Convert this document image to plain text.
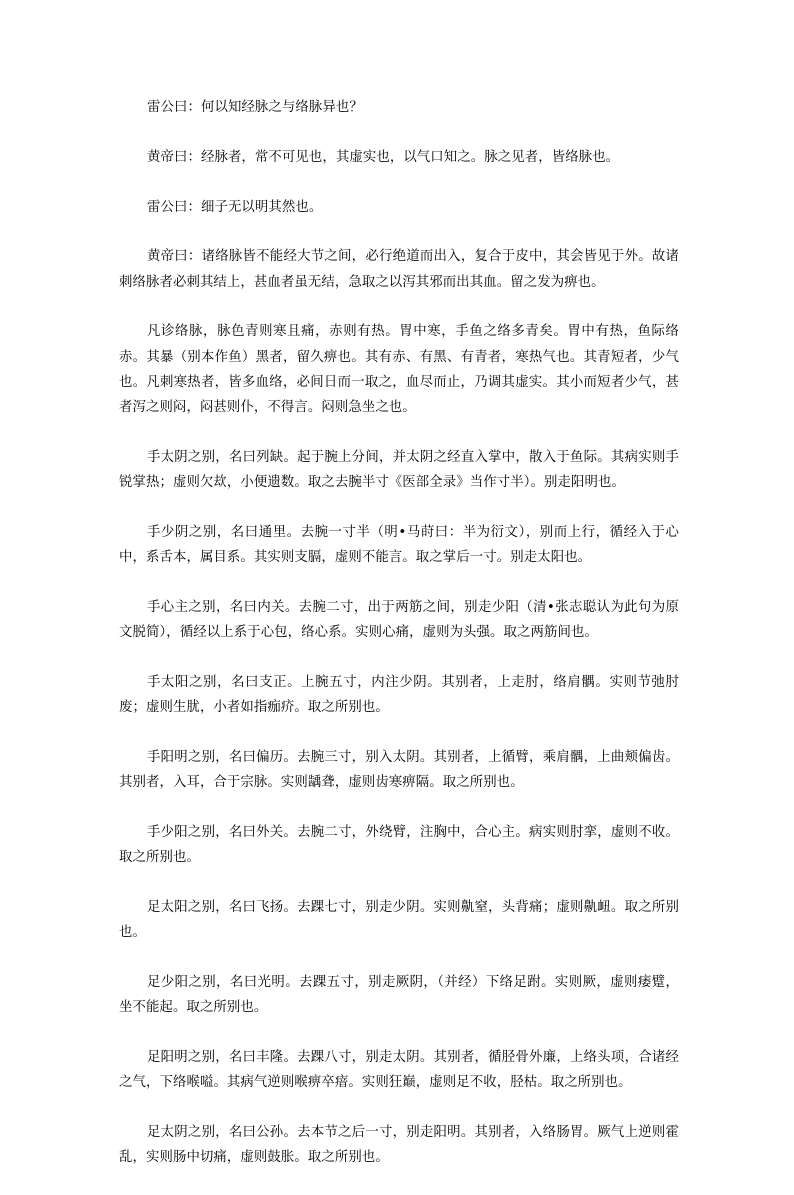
雷公曰：何以知经脉之与络脉异也？

黄帝曰：经脉者，常不可见也，其虚实也，以气口知之。脉之见者，皆络脉也。

雷公曰：细子无以明其然也。

黄帝曰：诸络脉皆不能经大节之间，必行绝道而出入，复合于皮中，其会皆见于外。故诸刺络脉者必刺其结上，甚血者虽无结，急取之以泻其邪而出其血。留之发为痹也。

凡诊络脉，脉色青则寒且痛，赤则有热。胃中寒，手鱼之络多青矣。胃中有热，鱼际络赤。其暴（别本作鱼）黑者，留久痹也。其有赤、有黑、有青者，寒热气也。其青短者，少气也。凡刺寒热者，皆多血络，必间日而一取之，血尽而止，乃调其虚实。其小而短者少气，甚者泻之则闷，闷甚则仆，不得言。闷则急坐之也。

手太阴之别，名曰列缺。起于腕上分间，并太阴之经直入掌中，散入于鱼际。其病实则手锐掌热；虚则欠㰦，小便遗数。取之去腕半寸《医部全录》当作寸半）。别走阳明也。

手少阴之别，名曰通里。去腕一寸半（明•马莳曰：半为衍文），别而上行，循经入于心中，系舌本，属目系。其实则支膈，虚则不能言。取之掌后一寸。别走太阳也。

手心主之别，名曰内关。去腕二寸，出于两筋之间，别走少阳（清•张志聪认为此句为原文脱简），循经以上系于心包，络心系。实则心痛，虚则为头强。取之两筋间也。

手太阳之别，名曰支正。上腕五寸，内注少阴。其别者，上走肘，络肩髃。实则节弛肘废；虚则生肬，小者如指痂疥。取之所别也。

手阳明之别，名曰偏历。去腕三寸，别入太阴。其别者，上循臂，乘肩髃，上曲颊偏齿。其别者，入耳，合于宗脉。实则龋聋，虚则齿寒痹隔。取之所别也。

手少阳之别，名曰外关。去腕二寸，外绕臂，注胸中，合心主。病实则肘挛，虚则不收。取之所别也。

足太阳之别，名曰飞扬。去踝七寸，别走少阴。实则鼽窒，头背痛；虚则鼽衄。取之所别也。

足少阳之别，名曰光明。去踝五寸，别走厥阴，（并经）下络足跗。实则厥，虚则痿躄，坐不能起。取之所别也。

足阳明之别，名曰丰隆。去踝八寸，别走太阴。其别者，循胫骨外廉，上络头项，合诸经之气，下络喉嗌。其病气逆则喉痹卒瘖。实则狂巅，虚则足不收，胫枯。取之所别也。

足太阴之别，名曰公孙。去本节之后一寸，别走阳明。其别者，入络肠胃。厥气上逆则霍乱，实则肠中切痛，虚则鼓胀。取之所别也。
